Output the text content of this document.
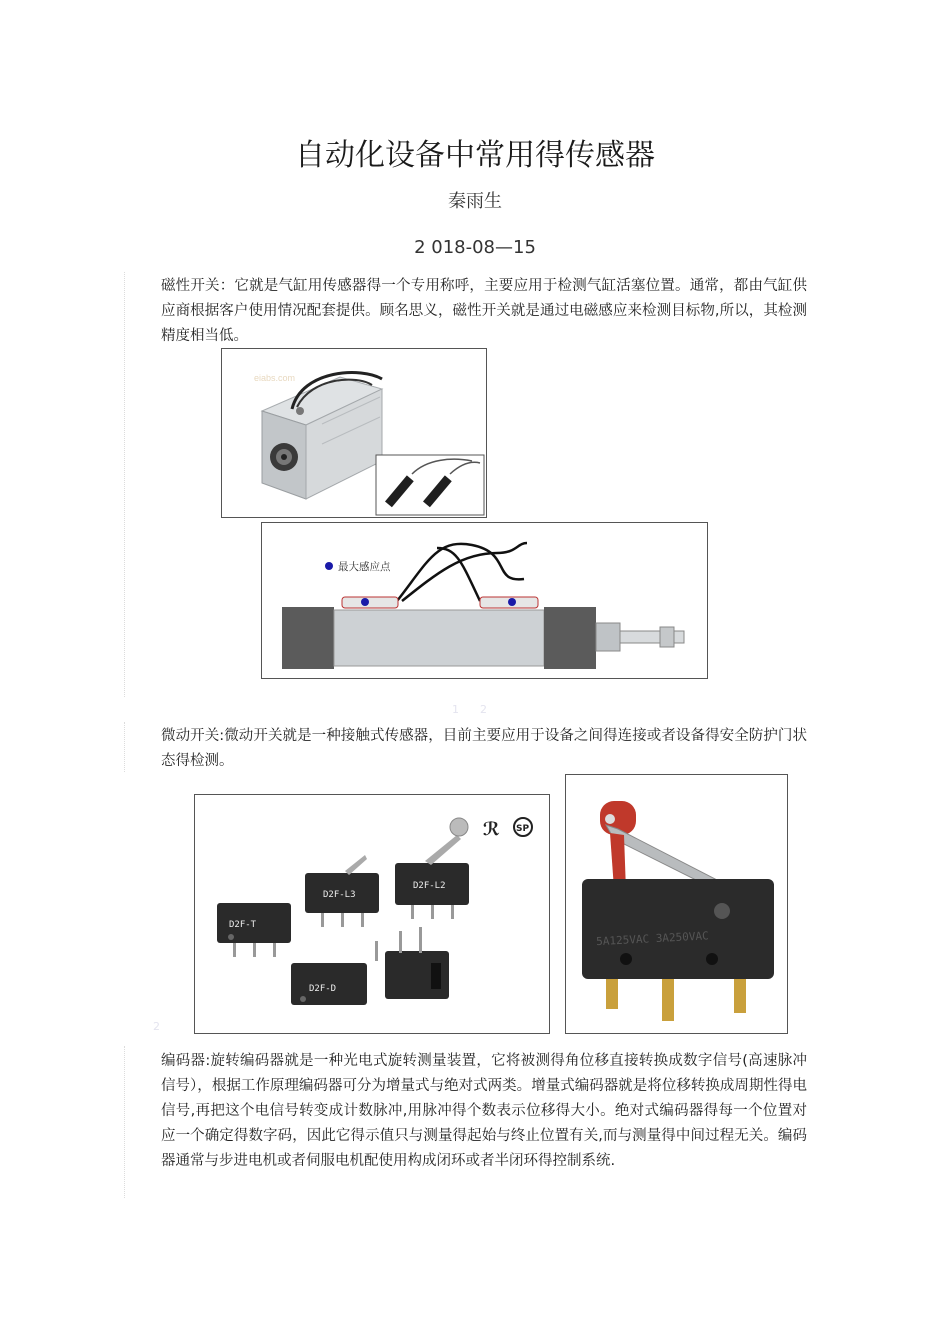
自动化设备中常用得传感器
秦雨生
2 018-08—15

磁性开关：它就是气缸用传感器得一个专用称呼，主要应用于检测气缸活塞位置。通常，都由气缸供应商根据客户使用情况配套提供。顾名思义，磁性开关就是通过电磁感应来检测目标物,所以，其检测精度相当低。

eiabs.com
最大感应点
1 2

微动开关:微动开关就是一种接触式传感器，目前主要应用于设备之间得连接或者设备得安全防护门状态得检测。

ℛ SP
D2F-L3
D2F-L2
D2F-T
D2F-D
5A125VAC 3A250VAC
2

编码器:旋转编码器就是一种光电式旋转测量装置，它将被测得角位移直接转换成数字信号(高速脉冲信号），根据工作原理编码器可分为增量式与绝对式两类。增量式编码器就是将位移转换成周期性得电信号,再把这个电信号转变成计数脉冲,用脉冲得个数表示位移得大小。绝对式编码器得每一个位置对应一个确定得数字码，因此它得示值只与测量得起始与终止位置有关,而与测量得中间过程无关。编码器通常与步进电机或者伺服电机配使用构成闭环或者半闭环得控制系统.
